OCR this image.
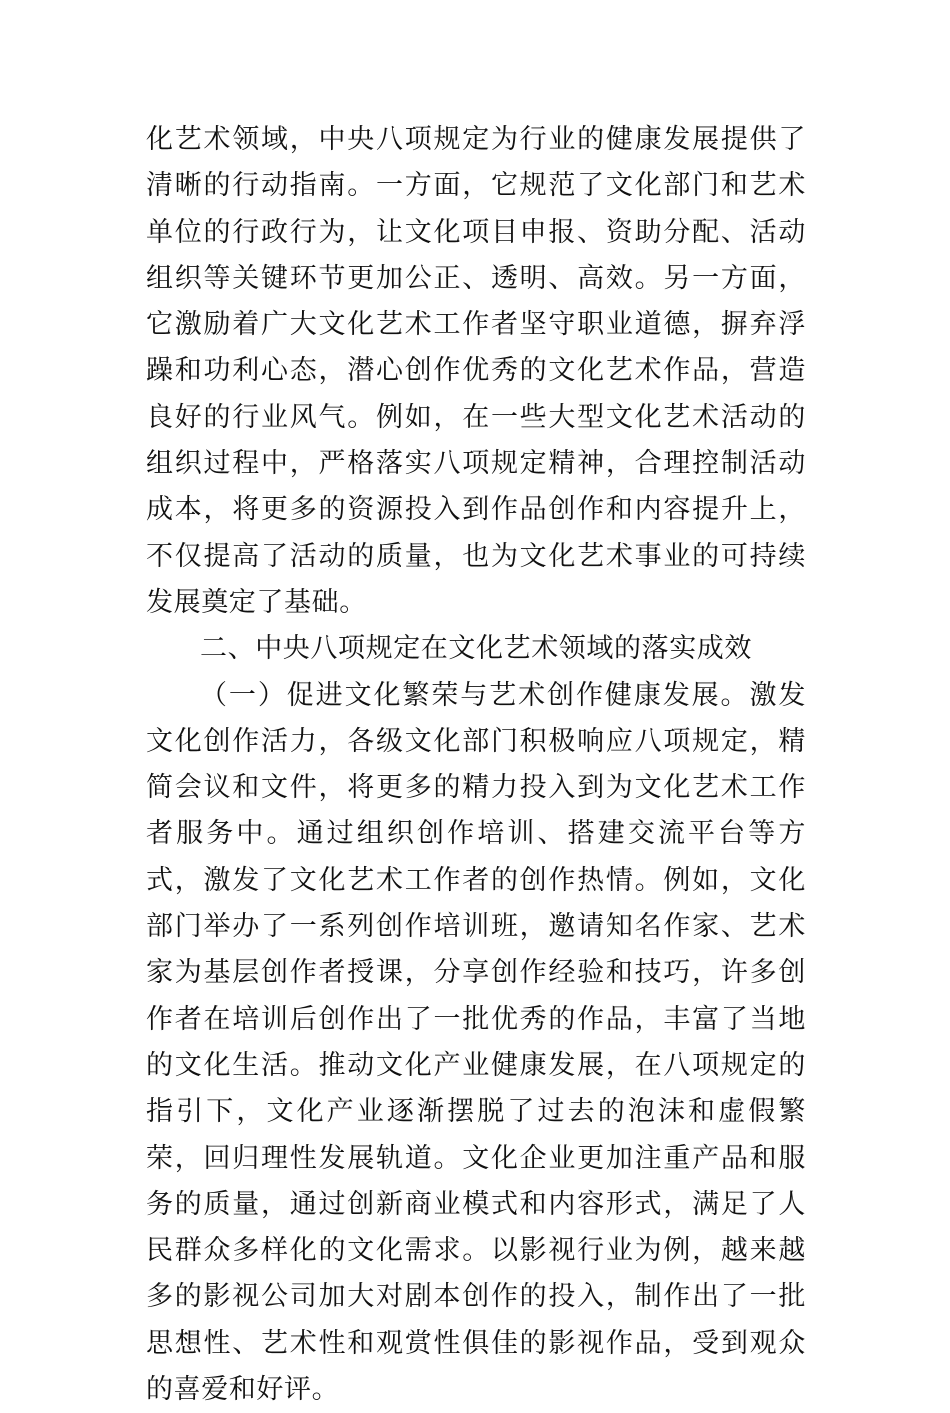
化艺术领域，中央八项规定为行业的健康发展提供了清晰的行动指南。一方面，它规范了文化部门和艺术单位的行政行为，让文化项目申报、资助分配、活动组织等关键环节更加公正、透明、高效。另一方面，它激励着广大文化艺术工作者坚守职业道德，摒弃浮躁和功利心态，潜心创作优秀的文化艺术作品，营造良好的行业风气。例如，在一些大型文化艺术活动的组织过程中，严格落实八项规定精神，合理控制活动成本，将更多的资源投入到作品创作和内容提升上，不仅提高了活动的质量，也为文化艺术事业的可持续发展奠定了基础。

二、中央八项规定在文化艺术领域的落实成效

（一）促进文化繁荣与艺术创作健康发展。激发文化创作活力，各级文化部门积极响应八项规定，精简会议和文件，将更多的精力投入到为文化艺术工作者服务中。通过组织创作培训、搭建交流平台等方式，激发了文化艺术工作者的创作热情。例如，文化部门举办了一系列创作培训班，邀请知名作家、艺术家为基层创作者授课，分享创作经验和技巧，许多创作者在培训后创作出了一批优秀的作品，丰富了当地的文化生活。推动文化产业健康发展，在八项规定的指引下，文化产业逐渐摆脱了过去的泡沫和虚假繁荣，回归理性发展轨道。文化企业更加注重产品和服务的质量，通过创新商业模式和内容形式，满足了人民群众多样化的文化需求。以影视行业为例，越来越多的影视公司加大对剧本创作的投入，制作出了一批思想性、艺术性和观赏性俱佳的影视作品，受到观众的喜爱和好评。
